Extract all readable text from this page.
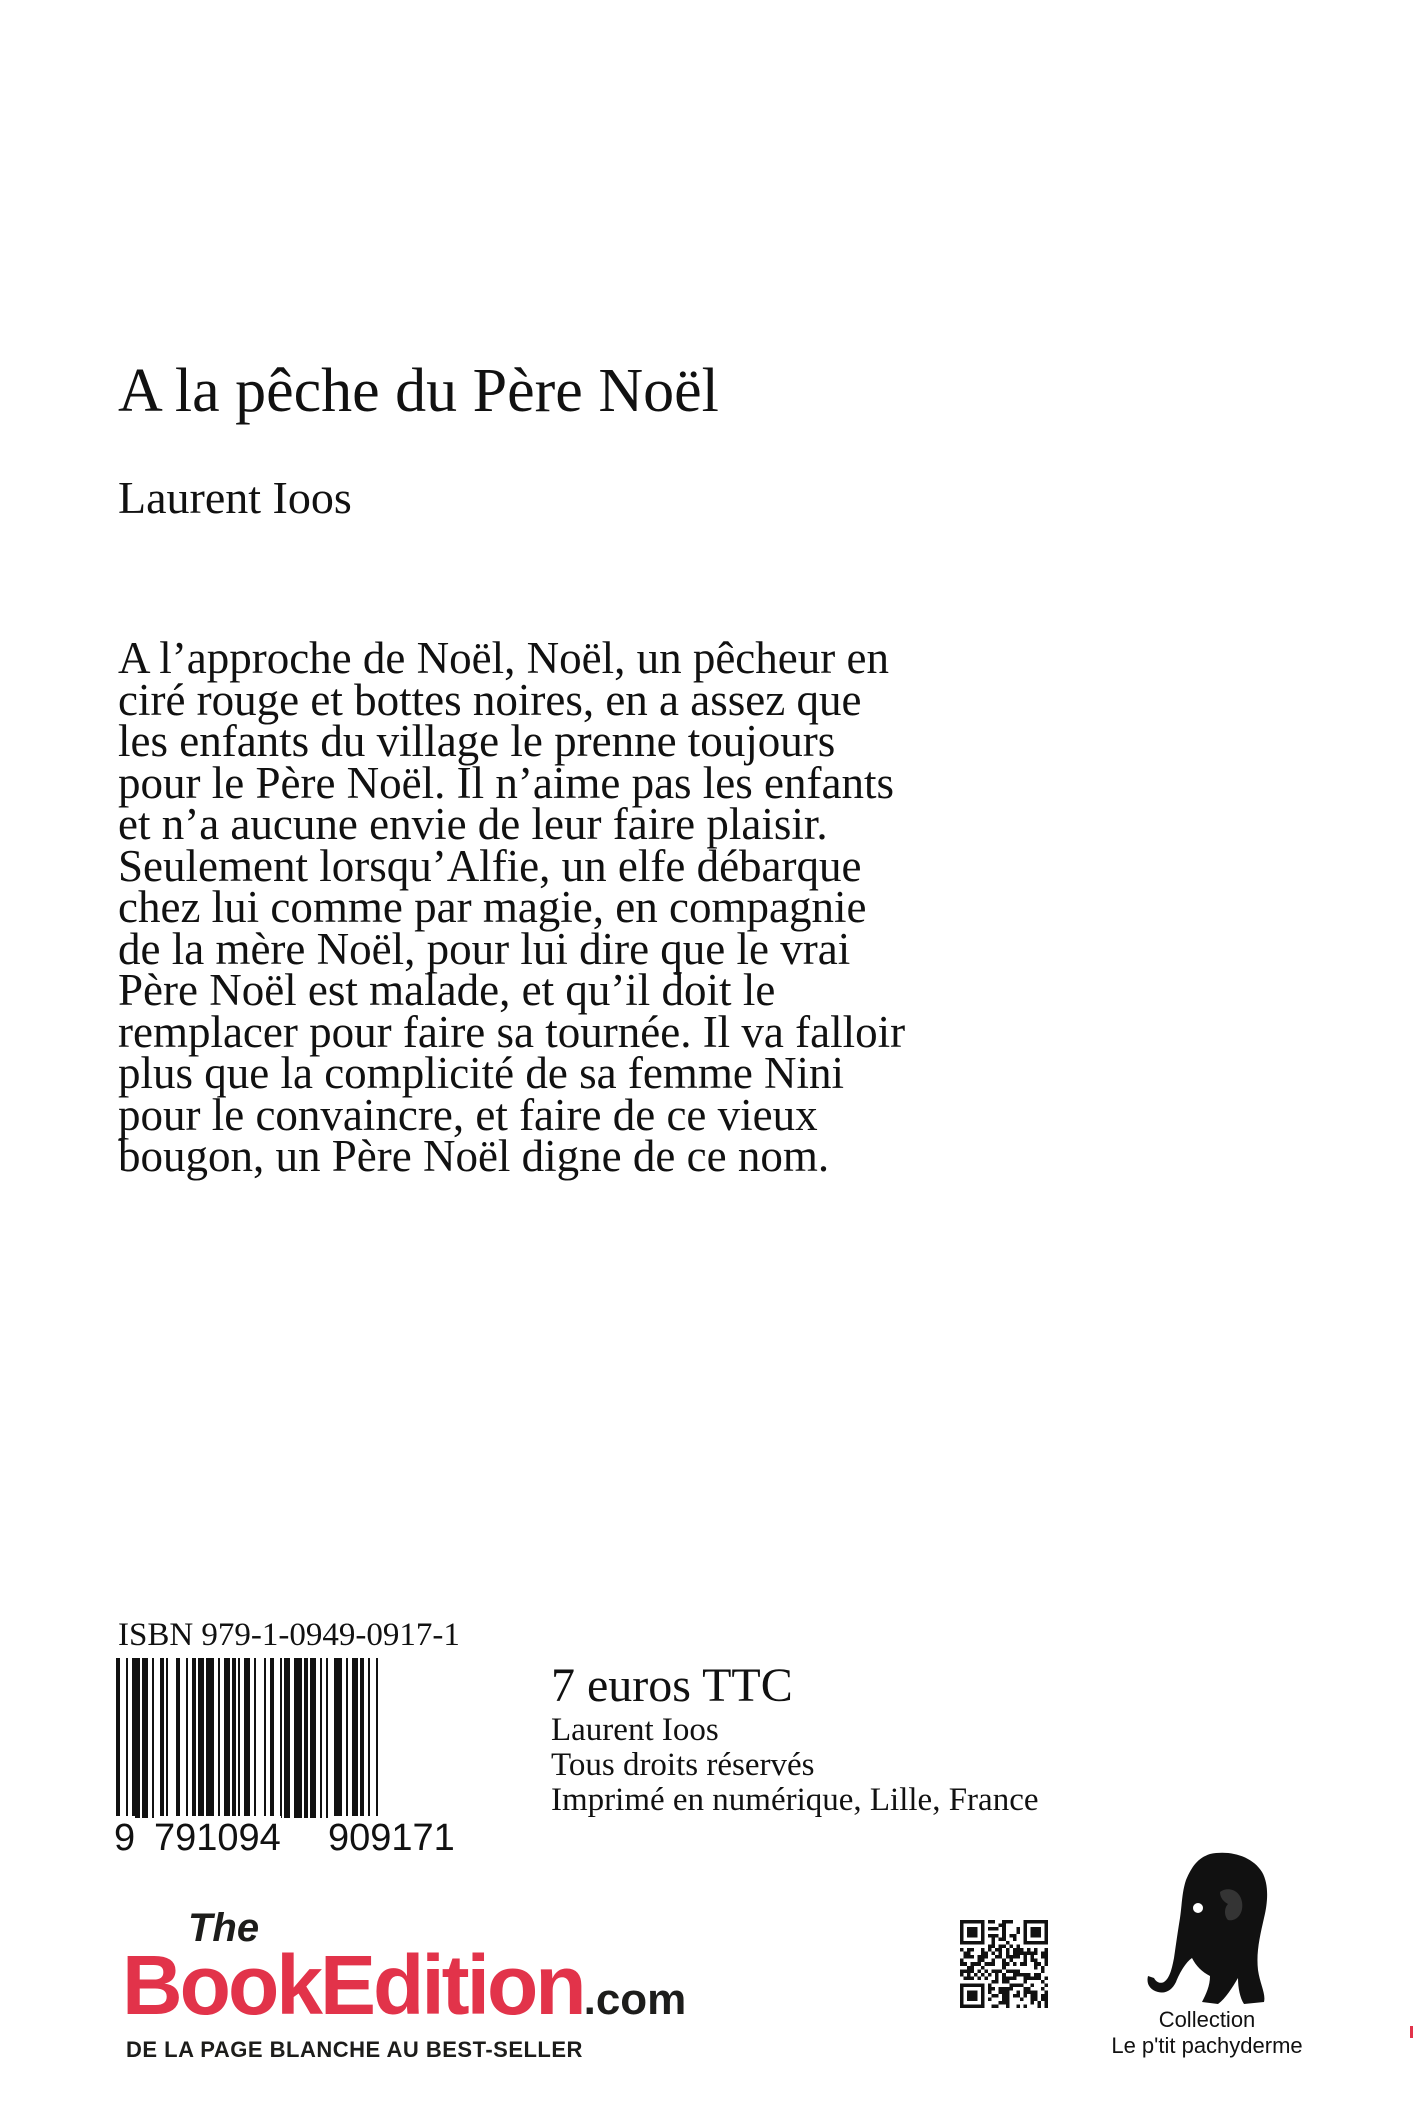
A la pêche du Père Noël
Laurent Ioos
A l’approche de Noël, Noël, un pêcheur en
ciré rouge et bottes noires, en a assez que
les enfants du village le prenne toujours
pour le Père Noël. Il n’aime pas les enfants
et n’a aucune envie de leur faire plaisir.
Seulement lorsqu’Alfie, un elfe débarque
chez lui comme par magie, en compagnie
de la mère Noël, pour lui dire que le vrai
Père Noël est malade, et qu’il doit le
remplacer pour faire sa tournée. Il va falloir
plus que la complicité de sa femme Nini
pour le convaincre, et faire de ce vieux
bougon, un Père Noël digne de ce nom.
ISBN 979-1-0949-0917-1
9 791094 909171
7 euros TTC
Laurent Ioos
Tous droits réservés
Imprimé en numérique, Lille, France
The
BookEdition.com
DE LA PAGE BLANCHE AU BEST-SELLER
Collection
Le p'tit pachyderme
